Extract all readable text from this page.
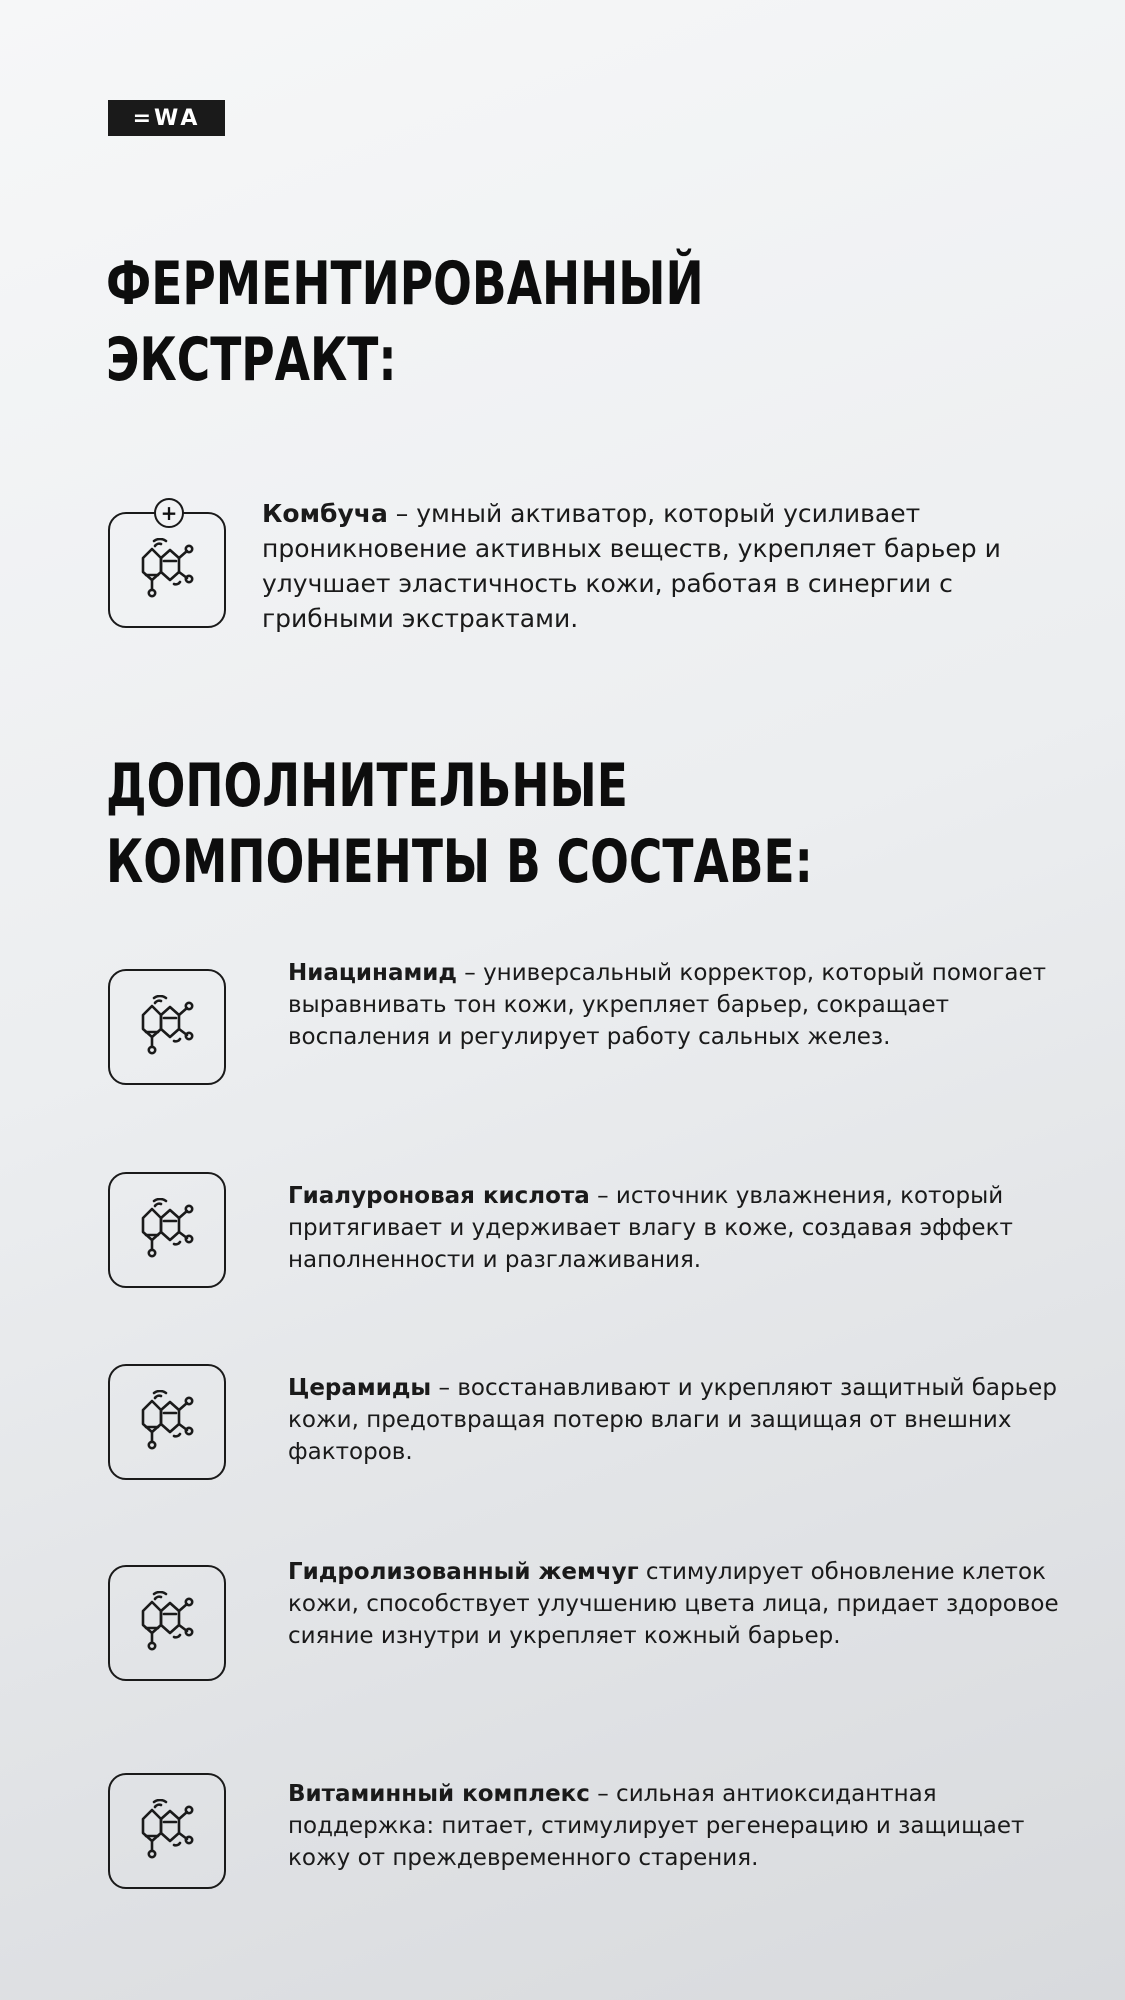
=WA
ФЕРМЕНТИРОВАННЫЙ
ЭКСТРАКТ:
+	Комбуча – умный активатор, который усиливает проникновение активных веществ, укрепляет барьер и улучшает эластичность кожи, работая в синергии с грибными экстрактами.

ДОПОЛНИТЕЛЬНЫЕ
КОМПОНЕНТЫ В СОСТАВЕ:

Ниацинамид – универсальный корректор, который помогает выравнивать тон кожи, укрепляет барьер, сокращает воспаления и регулирует работу сальных желез.

Гиалуроновая кислота – источник увлажнения, который притягивает и удерживает влагу в коже, создавая эффект наполненности и разглаживания.

Церамиды – восстанавливают и укрепляют защитный барьер кожи, предотвращая потерю влаги и защищая от внешних факторов.

Гидролизованный жемчуг стимулирует обновление клеток кожи, способствует улучшению цвета лица, придает здоровое сияние изнутри и укрепляет кожный барьер.

Витаминный комплекс – сильная антиоксидантная поддержка: питает, стимулирует регенерацию и защищает кожу от преждевременного старения.
